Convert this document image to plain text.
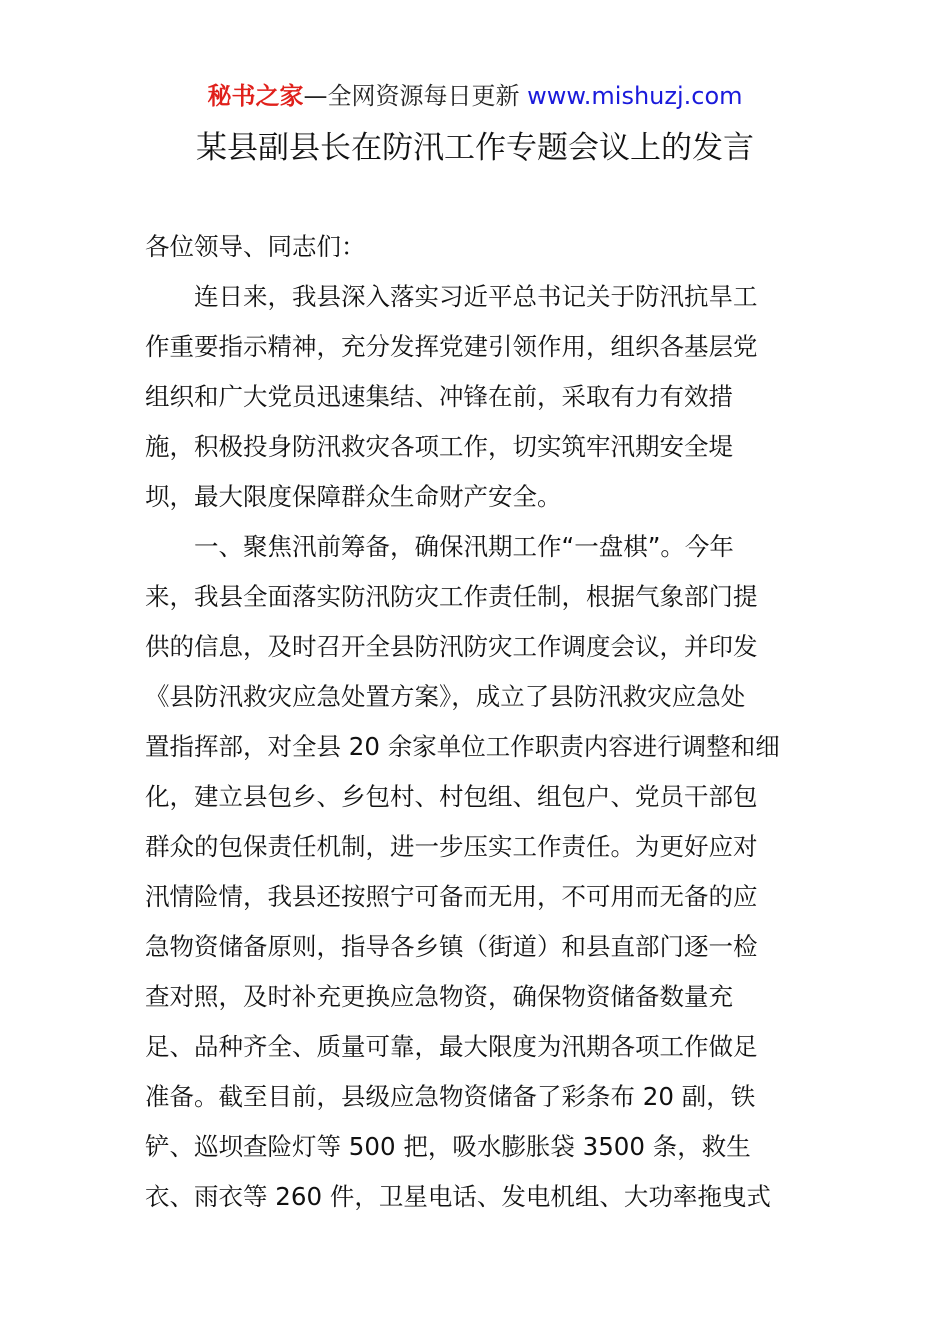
秘书之家—全网资源每日更新 www.mishuzj.com
某县副县长在防汛工作专题会议上的发言
各位领导、同志们：
连日来，我县深入落实习近平总书记关于防汛抗旱工
作重要指示精神，充分发挥党建引领作用，组织各基层党
组织和广大党员迅速集结、冲锋在前，采取有力有效措
施，积极投身防汛救灾各项工作，切实筑牢汛期安全堤
坝，最大限度保障群众生命财产安全。
一、聚焦汛前筹备，确保汛期工作“一盘棋”。今年
来，我县全面落实防汛防灾工作责任制，根据气象部门提
供的信息，及时召开全县防汛防灾工作调度会议，并印发
《县防汛救灾应急处置方案》，成立了县防汛救灾应急处
置指挥部，对全县 20 余家单位工作职责内容进行调整和细
化，建立县包乡、乡包村、村包组、组包户、党员干部包
群众的包保责任机制，进一步压实工作责任。为更好应对
汛情险情，我县还按照宁可备而无用，不可用而无备的应
急物资储备原则，指导各乡镇（街道）和县直部门逐一检
查对照，及时补充更换应急物资，确保物资储备数量充
足、品种齐全、质量可靠，最大限度为汛期各项工作做足
准备。截至目前，县级应急物资储备了彩条布 20 副，铁
铲、巡坝查险灯等 500 把，吸水膨胀袋 3500 条，救生
衣、雨衣等 260 件，卫星电话、发电机组、大功率拖曳式
